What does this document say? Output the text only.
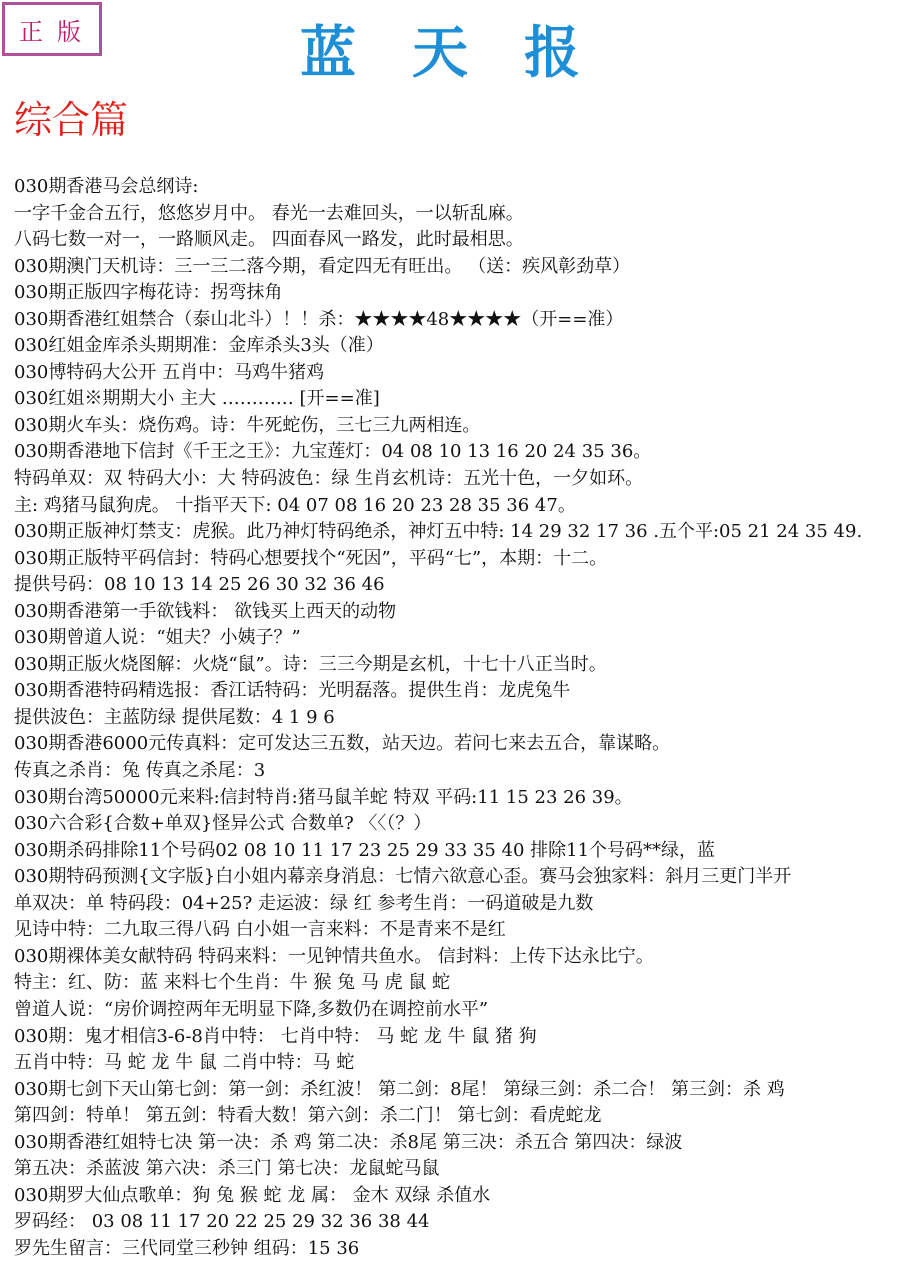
正版	蓝天报
综合篇
030期香港马会总纲诗:
一字千金合五行，悠悠岁月中。 春光一去难回头，一以斩乱麻。
八码七数一对一，一路顺风走。 四面春风一路发，此时最相思。
030期澳门天机诗：三一三二落今期，看定四无有旺出。 （送：疾风彰劲草）
030期正版四字梅花诗：拐弯抹角
030期香港红姐禁合（泰山北斗）！！杀：★★★★48★★★★（开==准）
030红姐金库杀头期期准：金库杀头3头（准）
030博特码大公开 五肖中：马鸡牛猪鸡
030红姐※期期大小 主大 ………… [开==准]
030期火车头：烧伤鸡。诗：牛死蛇伤，三七三九两相连。
030期香港地下信封《千王之王》：九宝莲灯：04 08 10 13 16 20 24 35 36。
特码单双：双 特码大小：大 特码波色：绿 生肖玄机诗：五光十色，一夕如环。
主: 鸡猪马鼠狗虎。 十指平天下: 04 07 08 16 20 23 28 35 36 47。
030期正版神灯禁支：虎猴。此乃神灯特码绝杀，神灯五中特: 14 29 32 17 36 .五个平:05 21 24 35 49.
030期正版特平码信封：特码心想要找个“死因”，平码“七”，本期：十二。
提供号码：08 10 13 14 25 26 30 32 36 46
030期香港第一手欲钱料： 欲钱买上西天的动物
030期曾道人说：“姐夫？小姨子？”
030期正版火烧图解：火烧“鼠”。诗：三三今期是玄机，十七十八正当时。
030期香港特码精选报：香江话特码：光明磊落。提供生肖：龙虎兔牛
提供波色：主蓝防绿 提供尾数：4 1 9 6
030期香港6000元传真料：定可发达三五数，站天边。若问七来去五合，靠谋略。
传真之杀肖：兔 传真之杀尾：3
030期台湾50000元来料:信封特肖:猪马鼠羊蛇 特双 平码:11 15 23 26 39。
030六合彩{合数+单双}怪异公式 合数单? 〈〈（？）
030期杀码排除11个号码02 08 10 11 17 23 25 29 33 35 40 排除11个号码**绿，蓝
030期特码预测{文字版}白小姐内幕亲身消息：七情六欲意心歪。赛马会独家料：斜月三更门半开
单双决：单 特码段：04+25? 走运波：绿 红 参考生肖：一码道破是九数
见诗中特：二九取三得八码 白小姐一言来料：不是青来不是红
030期裸体美女献特码 特码来料：一见钟情共鱼水。 信封料：上传下达永比宁。
特主：红、防：蓝 来料七个生肖：牛 猴 兔 马 虎 鼠 蛇
曾道人说：“房价调控两年无明显下降,多数仍在调控前水平”
030期：鬼才相信3-6-8肖中特： 七肖中特： 马 蛇 龙 牛 鼠 猪 狗
五肖中特：马 蛇 龙 牛 鼠 二肖中特：马 蛇
030期七剑下天山第七剑：第一剑：杀红波！ 第二剑：8尾！ 第绿三剑：杀二合！ 第三剑：杀 鸡
第四剑：特单！ 第五剑：特看大数！第六剑：杀二门！ 第七剑：看虎蛇龙
030期香港红姐特七决 第一决：杀 鸡 第二决：杀8尾 第三决：杀五合 第四决：绿波
第五决：杀蓝波 第六决：杀三门 第七决：龙鼠蛇马鼠
030期罗大仙点歌单：狗 兔 猴 蛇 龙 属： 金木 双绿 杀值水
罗码经： 03 08 11 17 20 22 25 29 32 36 38 44
罗先生留言：三代同堂三秒钟 组码：15 36
